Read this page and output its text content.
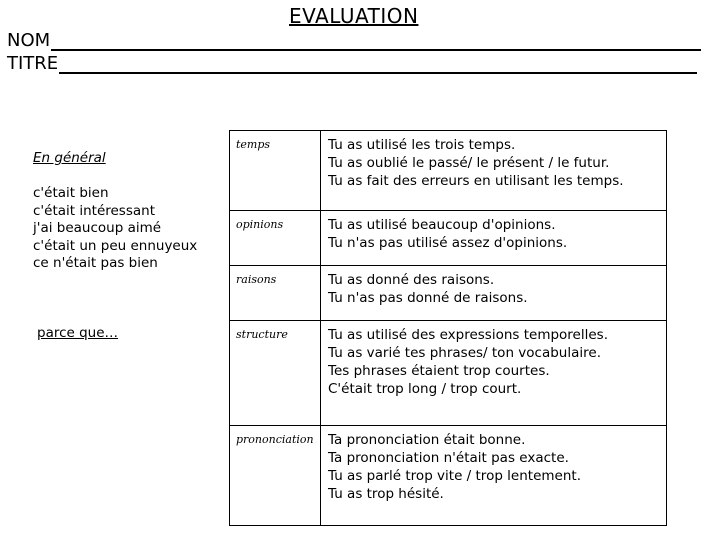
EVALUATION
NOM
TITRE
En général
c'était bien
c'était intéressant
j'ai beaucoup aimé
c'était un peu ennuyeux
ce n'était pas bien
parce que…
temps	Tu as utilisé les trois temps.
Tu as oublié le passé/ le présent / le futur.
Tu as fait des erreurs en utilisant les temps.

opinions	Tu as utilisé beaucoup d'opinions.
Tu n'as pas utilisé assez d'opinions.

raisons	Tu as donné des raisons.
Tu n'as pas donné de raisons.

structure	Tu as utilisé des expressions temporelles.
Tu as varié tes phrases/ ton vocabulaire.
Tes phrases étaient trop courtes.
C'était trop long / trop court.

prononciation	Ta prononciation était bonne.
Ta prononciation n'était pas exacte.
Tu as parlé trop vite / trop lentement.
Tu as trop hésité.
